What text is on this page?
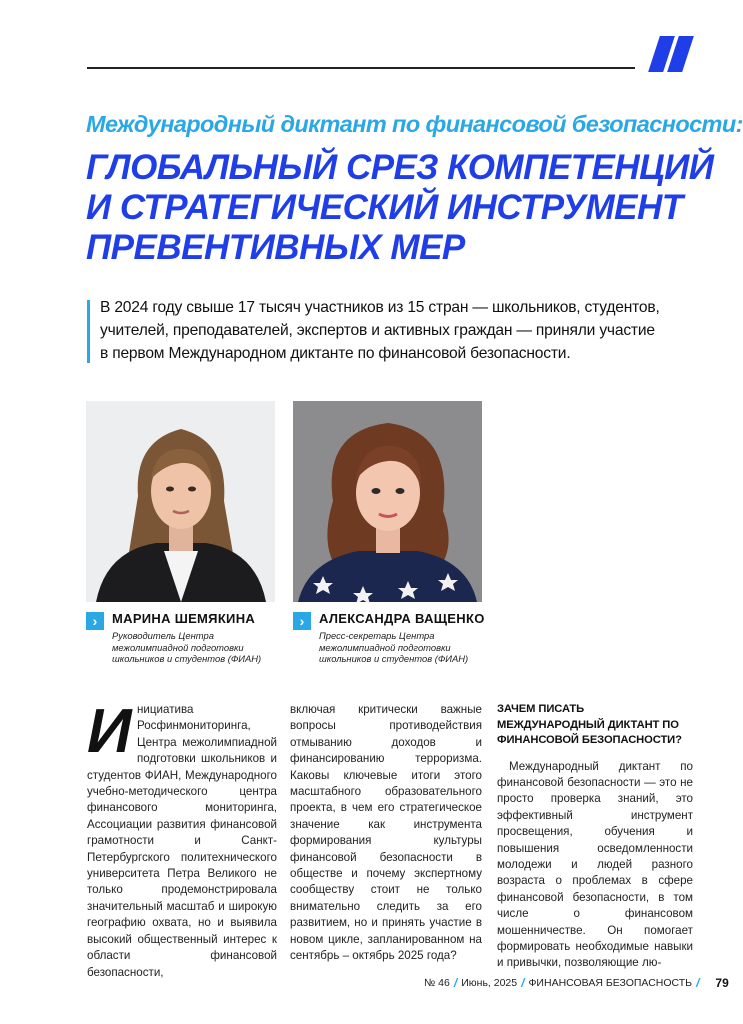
Международный диктант по финансовой безопасности:
ГЛОБАЛЬНЫЙ СРЕЗ КОМПЕТЕНЦИЙ
И СТРАТЕГИЧЕСКИЙ ИНСТРУМЕНТ
ПРЕВЕНТИВНЫХ МЕР
В 2024 году свыше 17 тысяч участников из 15 стран — школьников, студентов, учителей, преподавателей, экспертов и активных граждан — приняли участие в первом Международном диктанте по финансовой безопасности.
›	МАРИНА ШЕМЯКИНА
Руководитель Центра межолимпиадной подготовки школьников и студентов (ФИАН)
›	АЛЕКСАНДРА ВАЩЕНКО
Пресс-секретарь Центра межолимпиадной подготовки школьников и студентов (ФИАН)
И нициатива Росфинмониторинга, Центра межолимпиадной подготовки школьников и студентов ФИАН, Международного учебно-методического центра финансового мониторинга, Ассоциации развития финансовой грамотности и Санкт-Петербургского политехнического университета Петра Великого не только продемонстрировала значительный масштаб и широкую географию охвата, но и выявила высокий общественный интерес к области финансовой безопасности,
включая критически важные вопросы противодействия отмыванию доходов и финансированию терроризма. Каковы ключевые итоги этого масштабного образовательного проекта, в чем его стратегическое значение как инструмента формирования культуры финансовой безопасности в обществе и почему экспертному сообществу стоит не только внимательно следить за его развитием, но и принять участие в новом цикле, запланированном на сентябрь – октябрь 2025 года?
ЗАЧЕМ ПИСАТЬ МЕЖДУНАРОДНЫЙ ДИКТАНТ ПО ФИНАНСОВОЙ БЕЗОПАСНОСТИ?
Международный диктант по финансовой безопасности — это не просто проверка знаний, это эффективный инструмент просвещения, обучения и повышения осведомленности молодежи и людей разного возраста о проблемах в сфере финансовой безопасности, в том числе о финансовом мошенничестве. Он помогает формировать необходимые навыки и привычки, позволяющие лю-
№ 46 / Июнь, 2025 / ФИНАНСОВАЯ БЕЗОПАСНОСТЬ / 79
